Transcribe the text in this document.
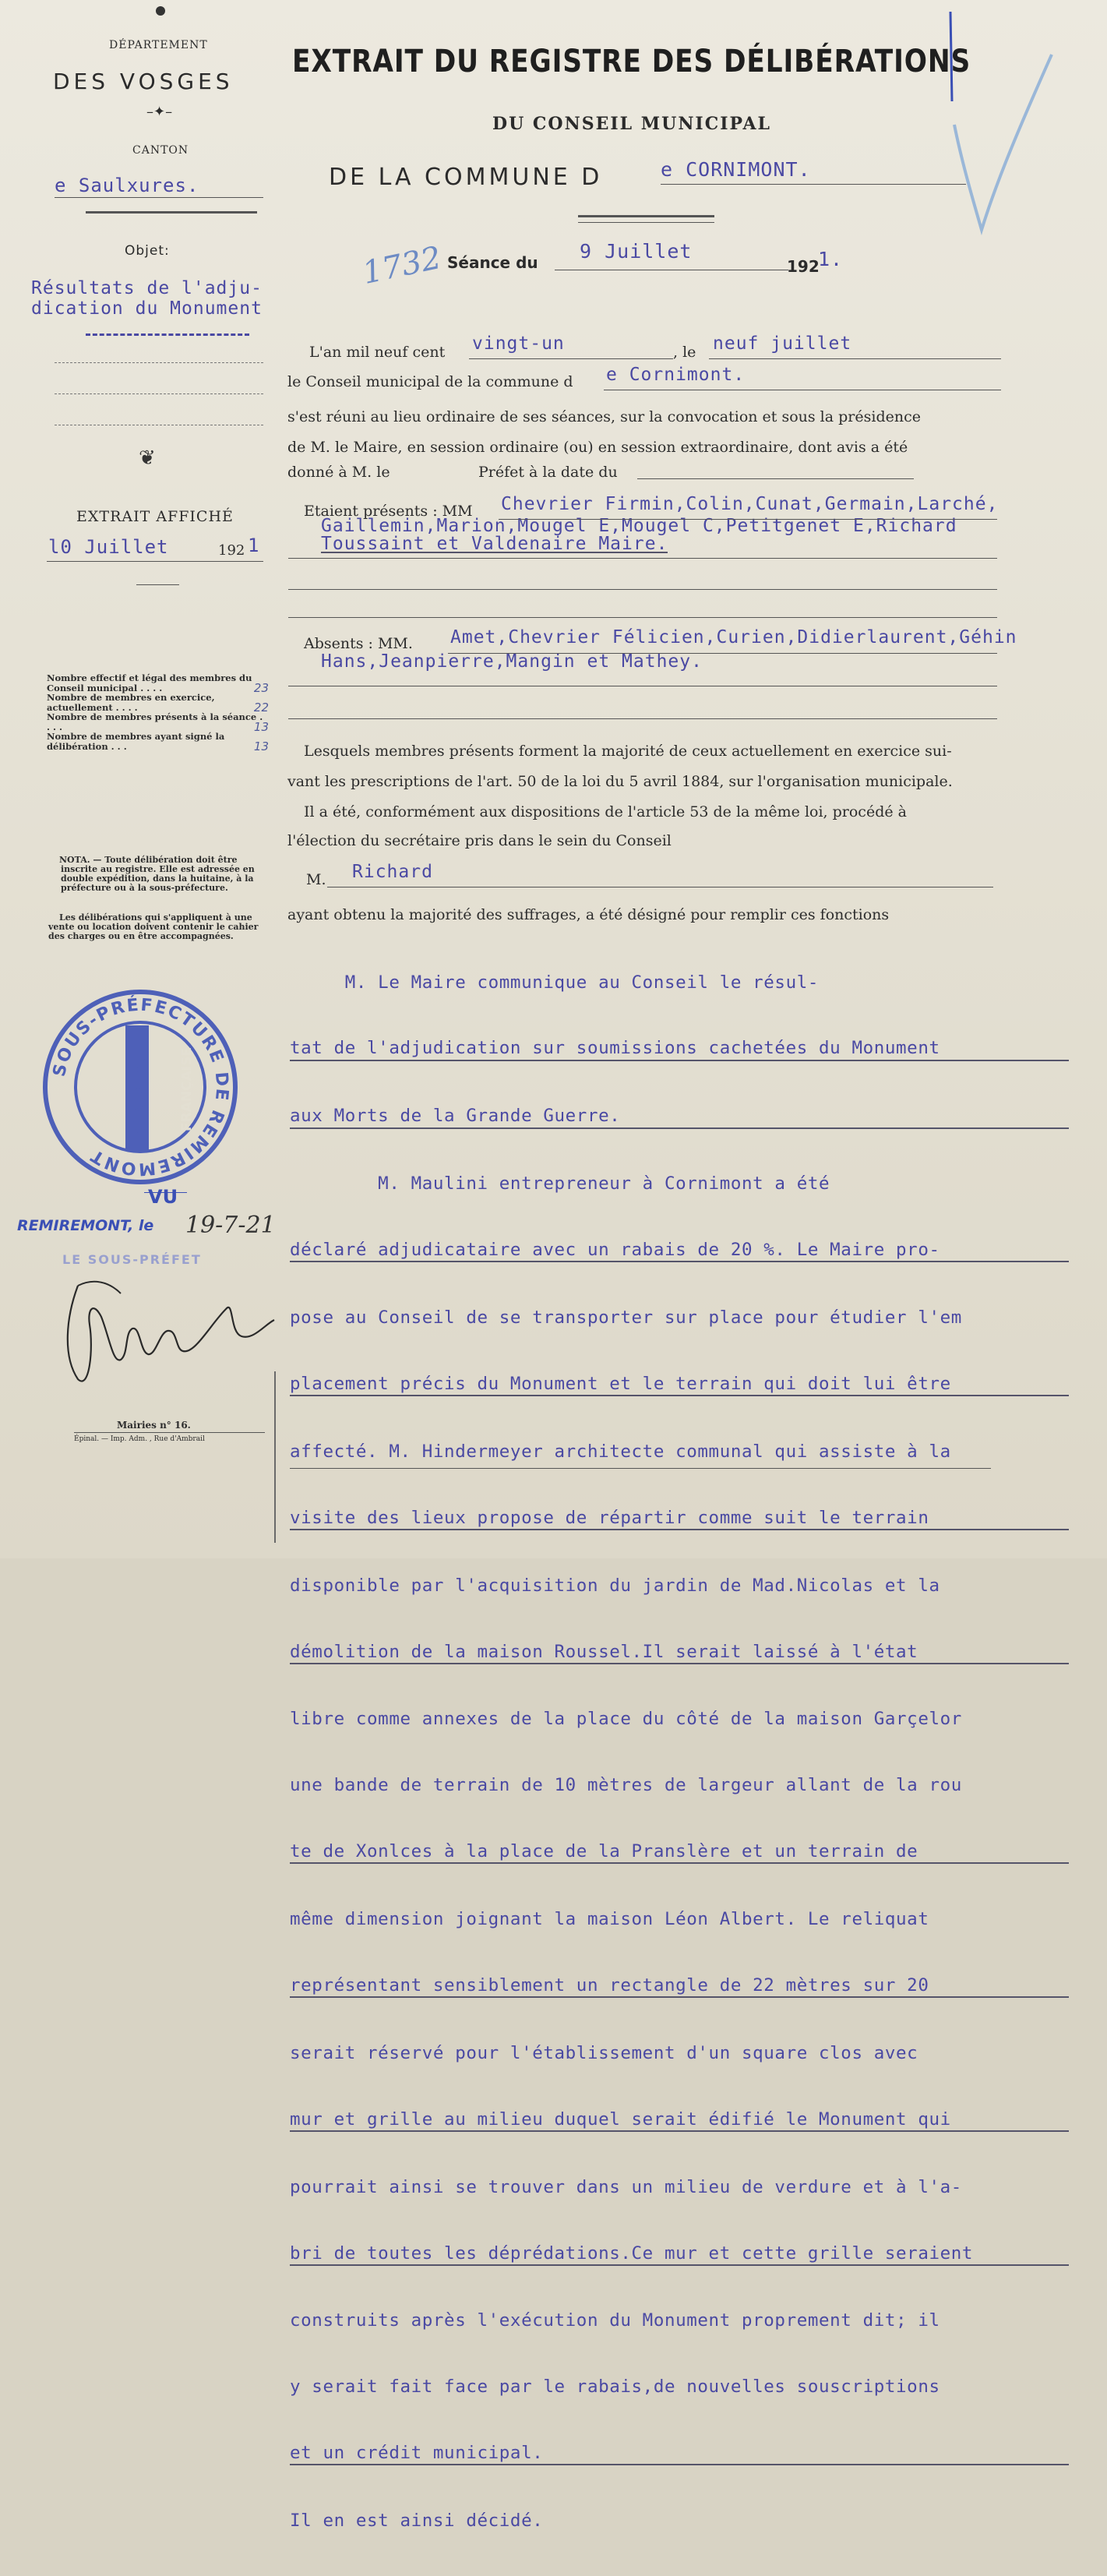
DÉPARTEMENT
DES VOSGES
–✦–
CANTON
e Saulxures.
Objet:
Résultats de l'adju-
dication du Monument
❦
EXTRAIT AFFICHÉ
l0 Juillet	192 1
Nombre effectif et légal des membres du Conseil municipal . . . .	23
Nombre de membres en exercice, actuellement . . . .	22
Nombre de membres présents à la séance . . . .	13
Nombre de membres ayant signé la délibération . . .	13
NOTA. — Toute délibération doit être inscrite au registre. Elle est adressée en double expédition, dans la huitaine, à la préfecture ou à la sous-préfecture.
Les délibérations qui s'appliquent à une vente ou location doivent contenir le cahier des charges ou en être accompagnées.
SOUS-PRÉFECTURE DE REMIREMONT
RÉPUBLIQUE FRANÇAISE
VU
REMIREMONT, le 19-7-21
LE SOUS-PRÉFET
Mairies n° 16.
Épinal. — Imp. Adm. , Rue d'Ambrail
EXTRAIT DU REGISTRE DES DÉLIBÉRATIONS
DU CONSEIL MUNICIPAL
DE LA COMMUNE D	e CORNIMONT.
1732 Séance du 9 Juillet
192
1.
L'an mil neuf cent vingt-un	, le neuf juillet
le Conseil municipal de la commune d e Cornimont.
s'est réuni au lieu ordinaire de ses séances, sur la convocation et sous la présidence
de M. le Maire, en session ordinaire (ou) en session extraordinaire, dont avis a été
donné à M. le	Préfet à la date du
Etaient présents : MM Chevrier Firmin,Colin,Cunat,Germain,Larché,
Gaillemin,Marion,Mougel E,Mougel C,Petitgenet E,Richard
Toussaint et Valdenaire Maire.
Absents : MM. Amet,Chevrier Félicien,Curien,Didierlaurent,Géhin
Hans,Jeanpierre,Mangin et Mathey.
Lesquels membres présents forment la majorité de ceux actuellement en exercice sui-
vant les prescriptions de l'art. 50 de la loi du 5 avril 1884, sur l'organisation municipale.
Il a été, conformément aux dispositions de l'article 53 de la même loi, procédé à
l'élection du secrétaire pris dans le sein du Conseil
M. Richard
ayant obtenu la majorité des suffrages, a été désigné pour remplir ces fonctions

M. Le Maire communique au Conseil le résul-

tat de l'adjudication sur soumissions cachetées du Monument

aux Morts de la Grande Guerre.

M. Maulini entrepreneur à Cornimont a été

déclaré adjudicataire avec un rabais de 20 %. Le Maire pro-

pose au Conseil de se transporter sur place pour étudier l'em

placement précis du Monument et le terrain qui doit lui être

affecté. M. Hindermeyer architecte communal qui assiste à la

visite des lieux propose de répartir comme suit le terrain

disponible par l'acquisition du jardin de Mad.Nicolas et la

démolition de la maison Roussel.Il serait laissé à l'état

libre comme annexes de la place du côté de la maison Garçelor

une bande de terrain de 10 mètres de largeur allant de la rou

te de Xonlces à la place de la Pranslère et un terrain de

même dimension joignant la maison Léon Albert. Le reliquat

représentant sensiblement un rectangle de 22 mètres sur 20

serait réservé pour l'établissement d'un square clos avec

mur et grille au milieu duquel serait édifié le Monument qui

pourrait ainsi se trouver dans un milieu de verdure et à l'a-

bri de toutes les déprédations.Ce mur et cette grille seraient

construits après l'exécution du Monument proprement dit; il

y serait fait face par le rabais,de nouvelles souscriptions

et un crédit municipal.

Il en est ainsi décidé.
